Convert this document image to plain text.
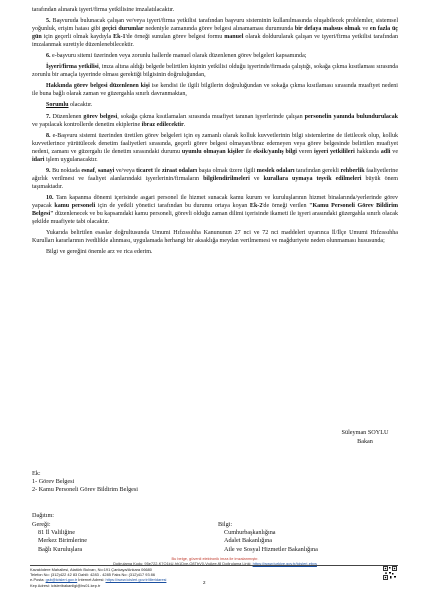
tarafından alınarak işyeri/firma yetkilisine imzalatılacaktır.

5. Başvuruda bulunacak çalışan ve/veya işyeri/firma yetkilisi tarafından başvuru sisteminin kullanılmasında oluşabilecek problemler, sistemsel yoğunluk, erişim hatası gibi geçici durumlar nedeniyle zamanında görev belgesi alınamaması durumunda bir defaya mahsus olmak ve en fazla üç gün için geçerli olmak kaydıyla Ek-1'de örneği sunulan görev belgesi formu manuel olarak doldurularak çalışan ve işyeri/firma yetkilisi tarafından imzalanmak suretiyle düzenlenebilecektir.

6. e-başvuru sitemi üzerinden veya zorunlu hallerde manuel olarak düzenlenen görev belgeleri kapsamında;

İşyeri/firma yetkilisi, imza altına aldığı belgede belirtilen kişinin yetkilisi olduğu işyerinde/firmada çalıştığı, sokağa çıkma kısıtlaması sırasında zorunlu bir amaçla işyerinde olması gerektiği bilgisinin doğruluğundan,

Hakkında görev belgesi düzenlenen kişi ise kendisi ile ilgili bilgilerin doğruluğundan ve sokağa çıkma kısıtlaması sırasında muafiyet nedeni ile buna bağlı olarak zaman ve güzergahla sınırlı davranmaktan,

Sorumlu olacaktır.

7. Düzenlenen görev belgesi, sokağa çıkma kısıtlamaları sırasında muafiyet tanınan işyerlerinde çalışan personelin yanında bulundurulacak ve yapılacak kontrollerde denetim ekiplerine ibraz edilecektir.

8. e-Başvuru sistemi üzerinden üretilen görev belgeleri için eş zamanlı olarak kolluk kuvvetlerinin bilgi sistemlerine de iletilecek olup, kolluk kuvvetlerince yürütülecek denetim faaliyetleri sırasında, geçerli görev belgesi olmayan/ibraz edemeyen veya görev belgesinde belirtilen muafiyet nedeni, zamanı ve güzergahı ile denetim sırasındaki durumu uyumlu olmayan kişiler ile eksik/yanlış bilgi veren işyeri yetkilileri hakkında adli ve idari işlem uygulanacaktır.

9. Bu noktada esnaf, sanayi ve/veya ticaret ile ziraat odaları başta olmak üzere ilgili meslek odaları tarafından gerekli rehberlik faaliyetlerine ağırlık verilmesi ve faaliyet alanlarındaki işyerlerinin/firmaların bilgilendirilmeleri ve kurallara uymaya teşvik edilmeleri büyük önem taşımaktadır.

10. Tam kapanma dönemi içerisinde asgari personel ile hizmet sunacak kamu kurum ve kuruluşlarının hizmet binalarında/yerlerinde görev yapacak kamu personeli için de yetkili yönetici tarafından bu durumu ortaya koyan Ek-2'de örneği verilen "Kamu Personeli Görev Bildirim Belgesi" düzenlenecek ve bu kapsamdaki kamu personeli, görevli olduğu zaman dilimi içerisinde ikameti ile işyeri arasındaki güzergahla sınırlı olacak şekilde muafiyete tabi olacaktır.

Yukarıda belirtilen esaslar doğrultusunda Umumi Hıfzıssıhha Kanununun 27 nci ve 72 nci maddeleri uyarınca İl/İlçe Umumi Hıfzıssıhha Kurulları kararlarının ivedilikle alınması, uygulamada herhangi bir aksaklığa meydan verilmemesi ve mağduriyete neden olunmaması hususunda;

Bilgi ve gereğini önemle arz ve rica ederim.

Süleyman SOYLU
Bakan
Ek:
1- Görev Belgesi
2- Kamu Personeli Görev Bildirim Belgesi
Dağıtım:
Gereği:
81 İl Valiliğine
Merkez Birimlerine
Bağlı Kuruluşlara
Bilgi:
Cumhurbaşkanlığına
Adalet Bakanlığına
Aile ve Sosyal Hizmetler Bakanlığına
Bu belge, güvenli elektronik imza ile imzalanmıştır.
Doğrulama Kodu: 95e722-K7Q1kU-hh1Dye-Q8TbV0-VoAee-f8 Doğrulama Linki: https://www.turkiye.gov.tr/icisleri-ebys
Kavaklıdere Mahallesi, Atatürk Bulvarı, No:191 Çankaya/Ankara 06680
Telefon No: (312)422 42 83 Dahili: 4283 - 4285 Faks No: (312)417 93 86
e-Posta: gsb@icisleri.gov.tr İnternet Adresi: https://www.icisleri.gov.tr/illeridaresi
Kep Adresi: icisleribakanligi@hs01.kep.tr
2
